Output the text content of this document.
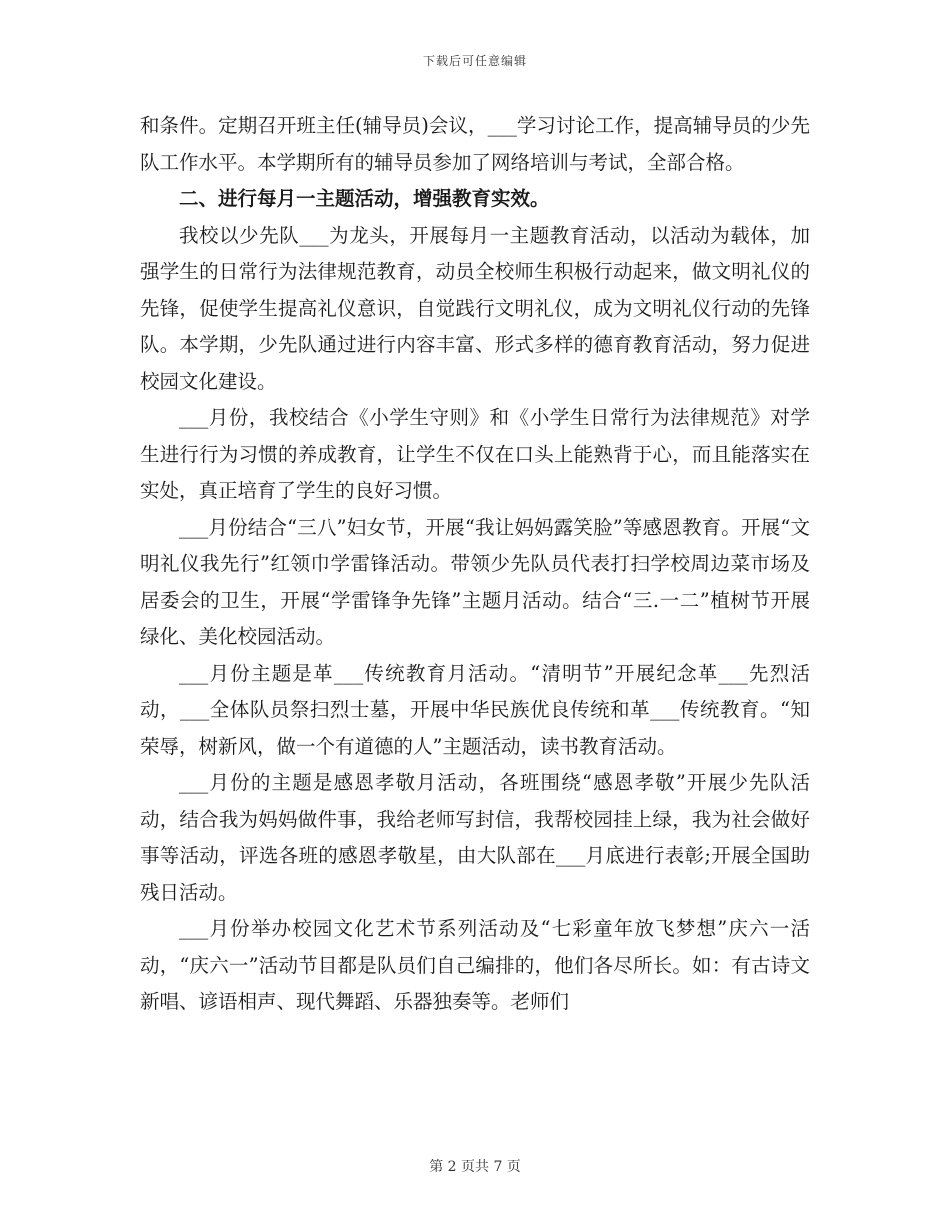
下载后可任意编辑

和条件。定期召开班主任(辅导员)会议，___学习讨论工作，提高辅导员的少先队工作水平。本学期所有的辅导员参加了网络培训与考试，全部合格。

二、进行每月一主题活动，增强教育实效。

我校以少先队___为龙头，开展每月一主题教育活动，以活动为载体，加强学生的日常行为法律规范教育，动员全校师生积极行动起来，做文明礼仪的先锋，促使学生提高礼仪意识，自觉践行文明礼仪，成为文明礼仪行动的先锋队。本学期，少先队通过进行内容丰富、形式多样的德育教育活动，努力促进校园文化建设。

___月份，我校结合《小学生守则》和《小学生日常行为法律规范》对学生进行行为习惯的养成教育，让学生不仅在口头上能熟背于心，而且能落实在实处，真正培育了学生的良好习惯。

___月份结合“三八”妇女节，开展“我让妈妈露笑脸”等感恩教育。开展“文明礼仪我先行”红领巾学雷锋活动。带领少先队员代表打扫学校周边菜市场及居委会的卫生，开展“学雷锋争先锋”主题月活动。结合“三.一二”植树节开展绿化、美化校园活动。

___月份主题是革___传统教育月活动。“清明节”开展纪念革___先烈活动，___全体队员祭扫烈士墓，开展中华民族优良传统和革___传统教育。“知荣辱，树新风，做一个有道德的人”主题活动，读书教育活动。

___月份的主题是感恩孝敬月活动，各班围绕“感恩孝敬”开展少先队活动，结合我为妈妈做件事，我给老师写封信，我帮校园挂上绿，我为社会做好事等活动，评选各班的感恩孝敬星，由大队部在___月底进行表彰;开展全国助残日活动。

___月份举办校园文化艺术节系列活动及“七彩童年放飞梦想”庆六一活动，“庆六一”活动节目都是队员们自己编排的，他们各尽所长。如：有古诗文新唱、谚语相声、现代舞蹈、乐器独奏等。老师们

第 2 页共 7 页
